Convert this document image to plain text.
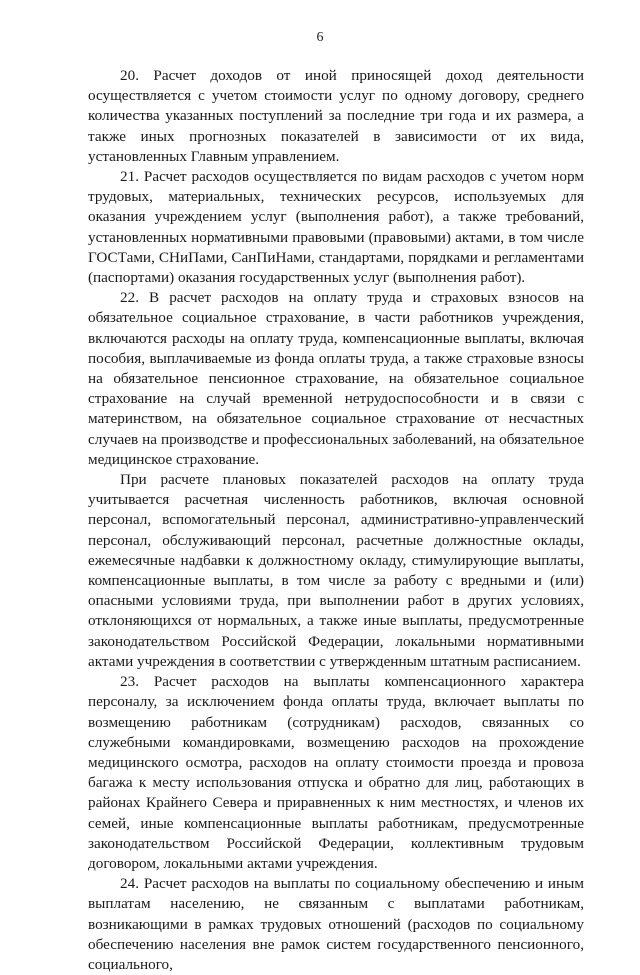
6

20. Расчет доходов от иной приносящей доход деятельности осуществляется с учетом стоимости услуг по одному договору, среднего количества указанных поступлений за последние три года и их размера, а также иных прогнозных показателей в зависимости от их вида, установленных Главным управлением.

21. Расчет расходов осуществляется по видам расходов с учетом норм трудовых, материальных, технических ресурсов, используемых для оказания учреждением услуг (выполнения работ), а также требований, установленных нормативными правовыми (правовыми) актами, в том числе ГОСТами, СНиПами, СанПиНами, стандартами, порядками и регламентами (паспортами) оказания государственных услуг (выполнения работ).

22. В расчет расходов на оплату труда и страховых взносов на обязательное социальное страхование, в части работников учреждения, включаются расходы на оплату труда, компенсационные выплаты, включая пособия, выплачиваемые из фонда оплаты труда, а также страховые взносы на обязательное пенсионное страхование, на обязательное социальное страхование на случай временной нетрудоспособности и в связи с материнством, на обязательное социальное страхование от несчастных случаев на производстве и профессиональных заболеваний, на обязательное медицинское страхование.

При расчете плановых показателей расходов на оплату труда учитывается расчетная численность работников, включая основной персонал, вспомогательный персонал, административно-управленческий персонал, обслуживающий персонал, расчетные должностные оклады, ежемесячные надбавки к должностному окладу, стимулирующие выплаты, компенсационные выплаты, в том числе за работу с вредными и (или) опасными условиями труда, при выполнении работ в других условиях, отклоняющихся от нормальных, а также иные выплаты, предусмотренные законодательством Российской Федерации, локальными нормативными актами учреждения в соответствии с утвержденным штатным расписанием.

23. Расчет расходов на выплаты компенсационного характера персоналу, за исключением фонда оплаты труда, включает выплаты по возмещению работникам (сотрудникам) расходов, связанных со служебными командировками, возмещению расходов на прохождение медицинского осмотра, расходов на оплату стоимости проезда и провоза багажа к месту использования отпуска и обратно для лиц, работающих в районах Крайнего Севера и приравненных к ним местностях, и членов их семей, иные компенсационные выплаты работникам, предусмотренные законодательством Российской Федерации, коллективным трудовым договором, локальными актами учреждения.

24. Расчет расходов на выплаты по социальному обеспечению и иным выплатам населению, не связанным с выплатами работникам, возникающими в рамках трудовых отношений (расходов по социальному обеспечению населения вне рамок систем государственного пенсионного, социального,
